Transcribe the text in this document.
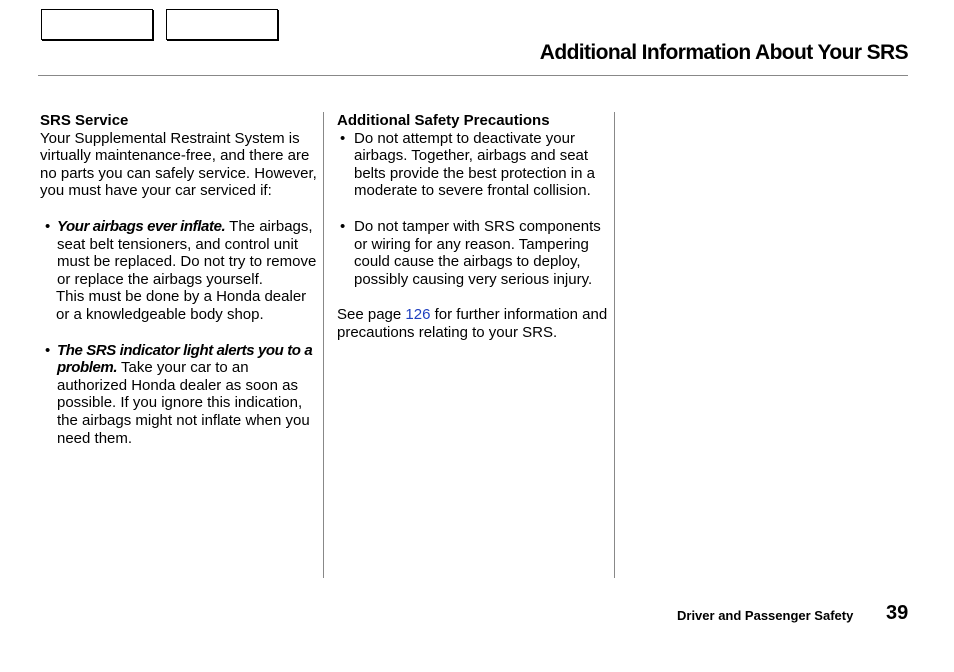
Additional Information About Your SRS
SRS Service

Your Supplemental Restraint System is virtually maintenance-free, and there are no parts you can safely service. However, you must have your car serviced if:

• Your airbags ever inflate. The airbags, seat belt tensioners, and control unit must be replaced. Do not try to remove or replace the airbags yourself.

This must be done by a Honda dealer or a knowledgeable body shop.

• The SRS indicator light alerts you to a problem. Take your car to an authorized Honda dealer as soon as possible. If you ignore this indication, the airbags might not inflate when you need them.

Additional Safety Precautions

• Do not attempt to deactivate your airbags. Together, airbags and seat belts provide the best protection in a moderate to severe frontal collision.

• Do not tamper with SRS components or wiring for any reason. Tampering could cause the airbags to deploy, possibly causing very serious injury.

See page 126 for further information and precautions relating to your SRS.

Driver and Passenger Safety 39
